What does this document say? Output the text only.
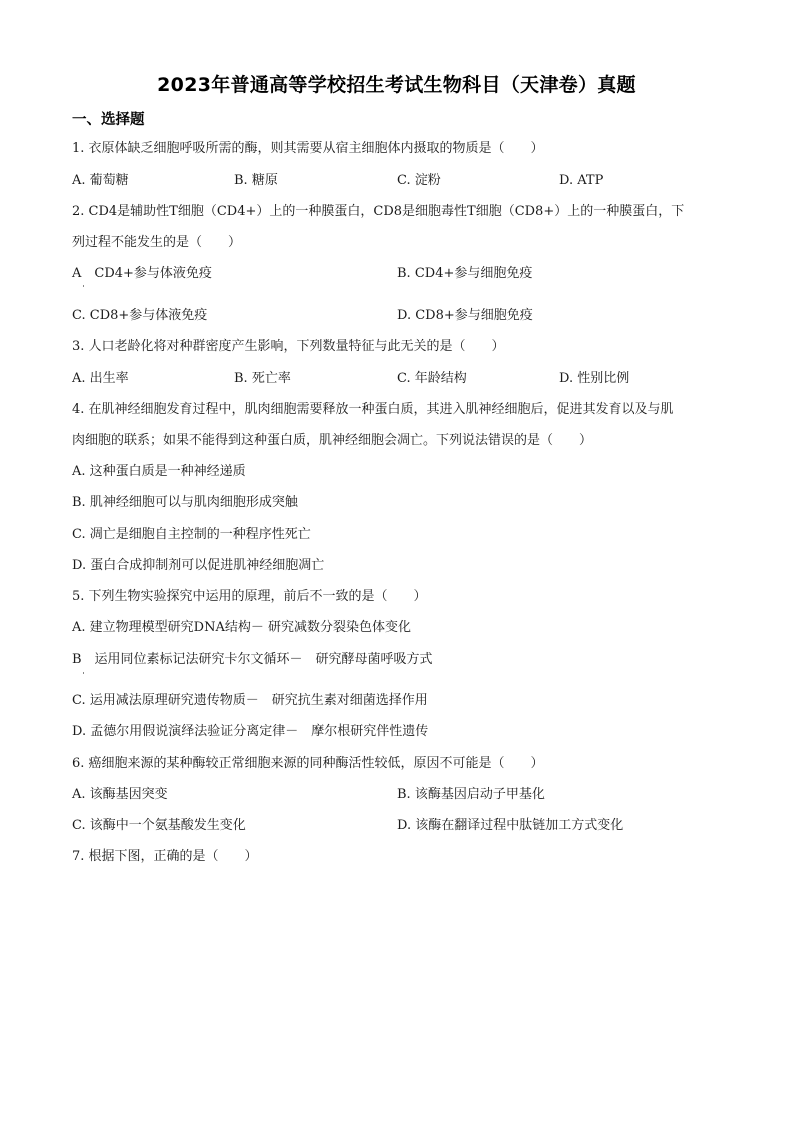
2023年普通高等学校招生考试生物科目（天津卷）真题
一、选择题
1. 衣原体缺乏细胞呼吸所需的酶，则其需要从宿主细胞体内摄取的物质是（　　）
A. 葡萄糖	B. 糖原	C. 淀粉	D. ATP
2. CD4是辅助性T细胞（CD4+）上的一种膜蛋白，CD8是细胞毒性T细胞（CD8+）上的一种膜蛋白，下
列过程不能发生的是（　　）
A　CD4+参与体液免疫	B. CD4+参与细胞免疫
C. CD8+参与体液免疫	D. CD8+参与细胞免疫
3. 人口老龄化将对种群密度产生影响，下列数量特征与此无关的是（　　）
A. 出生率	B. 死亡率	C. 年龄结构	D. 性别比例
4. 在肌神经细胞发育过程中，肌肉细胞需要释放一种蛋白质，其进入肌神经细胞后，促进其发育以及与肌
肉细胞的联系；如果不能得到这种蛋白质，肌神经细胞会凋亡。下列说法错误的是（　　）
A. 这种蛋白质是一种神经递质
B. 肌神经细胞可以与肌肉细胞形成突触
C. 凋亡是细胞自主控制的一种程序性死亡
D. 蛋白合成抑制剂可以促进肌神经细胞凋亡
5. 下列生物实验探究中运用的原理，前后不一致的是（　　）
A. 建立物理模型研究DNA结构－ 研究减数分裂染色体变化
B　运用同位素标记法研究卡尔文循环－　研究酵母菌呼吸方式
C. 运用减法原理研究遗传物质－　研究抗生素对细菌选择作用
D. 孟德尔用假说演绎法验证分离定律－　摩尔根研究伴性遗传
6. 癌细胞来源的某种酶较正常细胞来源的同种酶活性较低，原因不可能是（　　）
A. 该酶基因突变	B. 该酶基因启动子甲基化
C. 该酶中一个氨基酸发生变化	D. 该酶在翻译过程中肽链加工方式变化
7. 根据下图，正确的是（　　）
